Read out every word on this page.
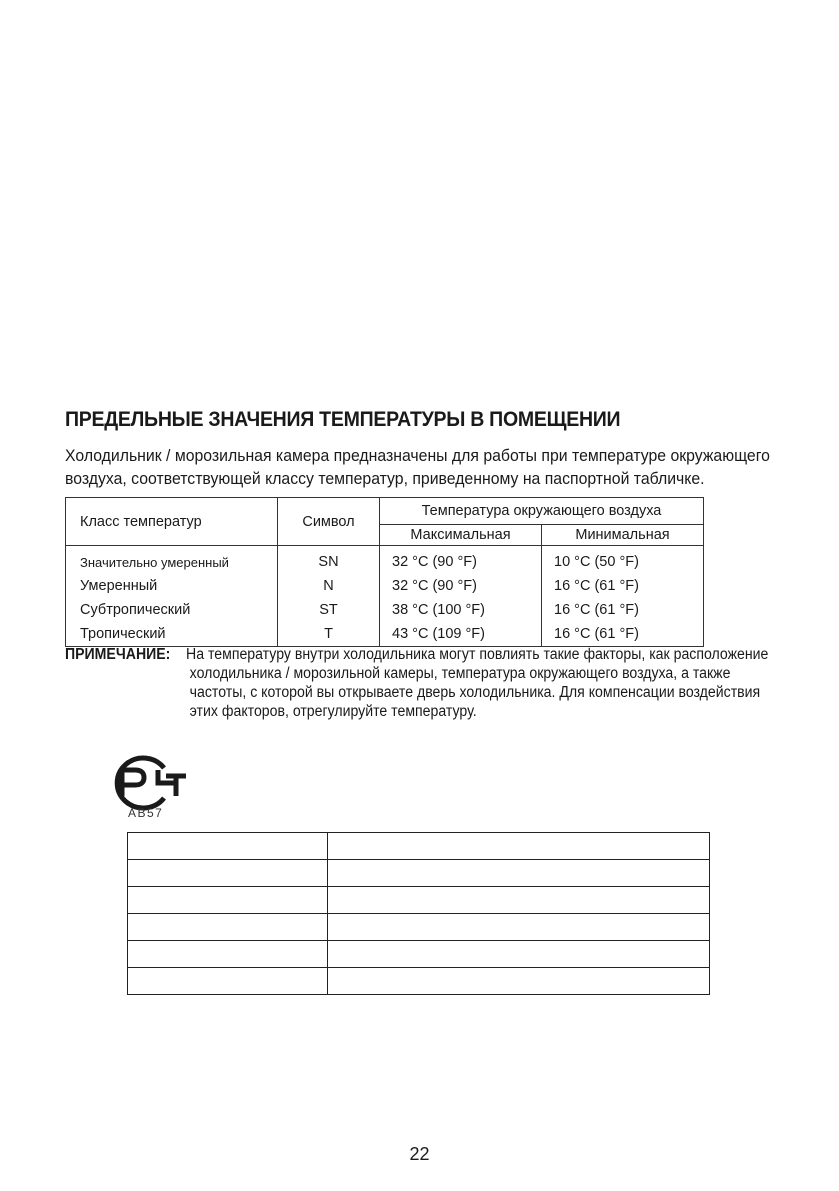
ПРЕДЕЛЬНЫЕ ЗНАЧЕНИЯ ТЕМПЕРАТУРЫ В ПОМЕЩЕНИИ
Холодильник / морозильная камера предназначены для работы при температуре окружающего
воздуха, соответствующей классу температур, приведенному на паспортной табличке.
Класс температур	Символ	Температура окружающего воздуха	
		Максимальная	Минимальная
Значительно умеренный	SN	32 °C (90 °F)	10 °C (50 °F)
Умеренный	N	32 °C (90 °F)	16 °C (61 °F)
Субтропический	ST	38 °C (100 °F)	16 °C (61 °F)
Тропический	T	43 °C (109 °F)	16 °C (61 °F)
ПРИМЕЧАНИЕ: На температуру внутри холодильника могут повлиять такие факторы, как расположение
холодильника / морозильной камеры, температура окружающего воздуха, а также
частоты, с которой вы открываете дверь холодильника. Для компенсации воздействия
этих факторов, отрегулируйте температуру.
АВ57

22
